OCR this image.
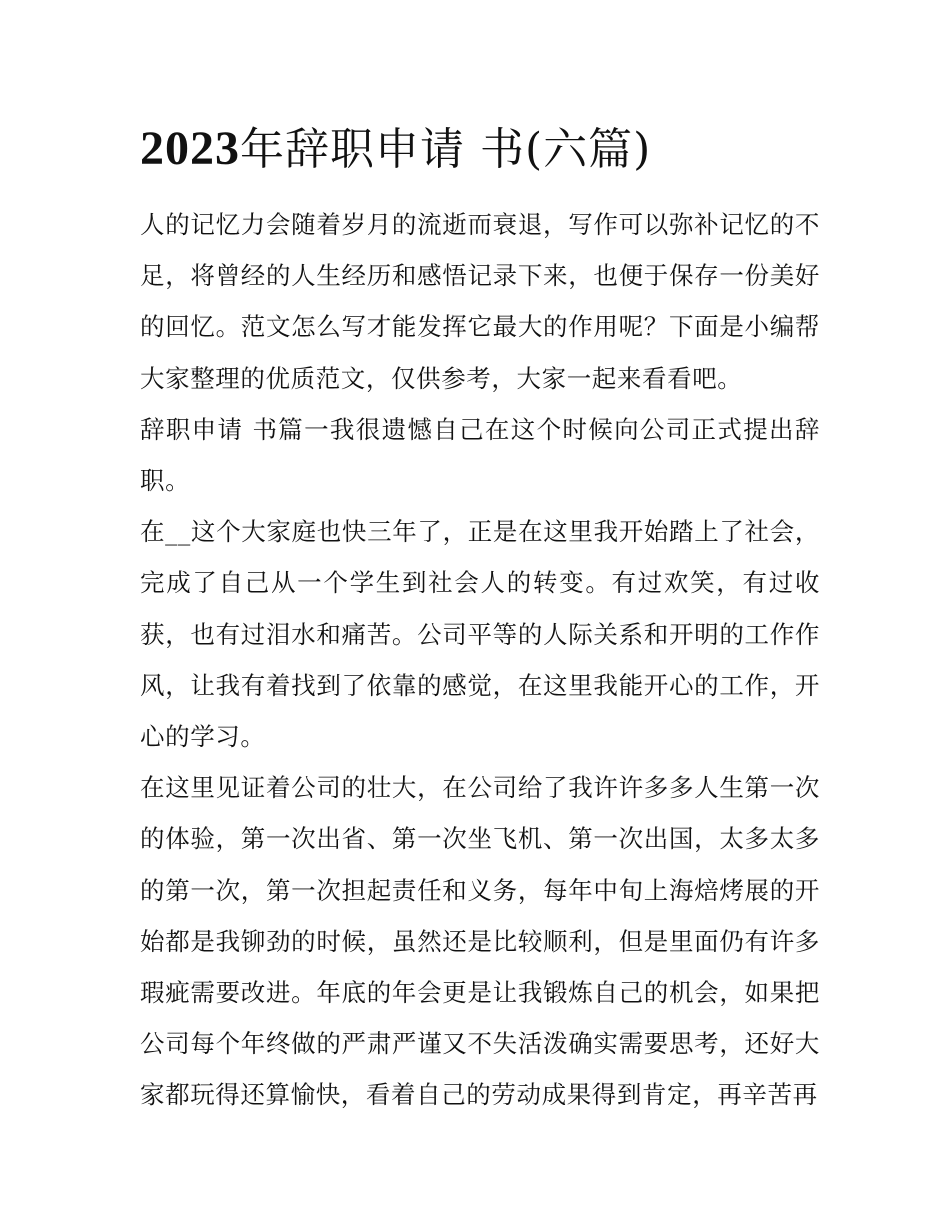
2023年辞职申请 书(六篇)

人的记忆力会随着岁月的流逝而衰退，写作可以弥补记忆的不足，将曾经的人生经历和感悟记录下来，也便于保存一份美好的回忆。范文怎么写才能发挥它最大的作用呢？下面是小编帮大家整理的优质范文，仅供参考，大家一起来看看吧。

辞职申请 书篇一我很遗憾自己在这个时候向公司正式提出辞职。

在__这个大家庭也快三年了，正是在这里我开始踏上了社会，完成了自己从一个学生到社会人的转变。有过欢笑，有过收获，也有过泪水和痛苦。公司平等的人际关系和开明的工作作风，让我有着找到了依靠的感觉，在这里我能开心的工作，开心的学习。

在这里见证着公司的壮大，在公司给了我许许多多人生第一次的体验，第一次出省、第一次坐飞机、第一次出国，太多太多的第一次，第一次担起责任和义务，每年中旬上海焙烤展的开始都是我铆劲的时候，虽然还是比较顺利，但是里面仍有许多瑕疵需要改进。年底的年会更是让我锻炼自己的机会，如果把公司每个年终做的严肃严谨又不失活泼确实需要思考，还好大家都玩得还算愉快，看着自己的劳动成果得到肯定，再辛苦再
